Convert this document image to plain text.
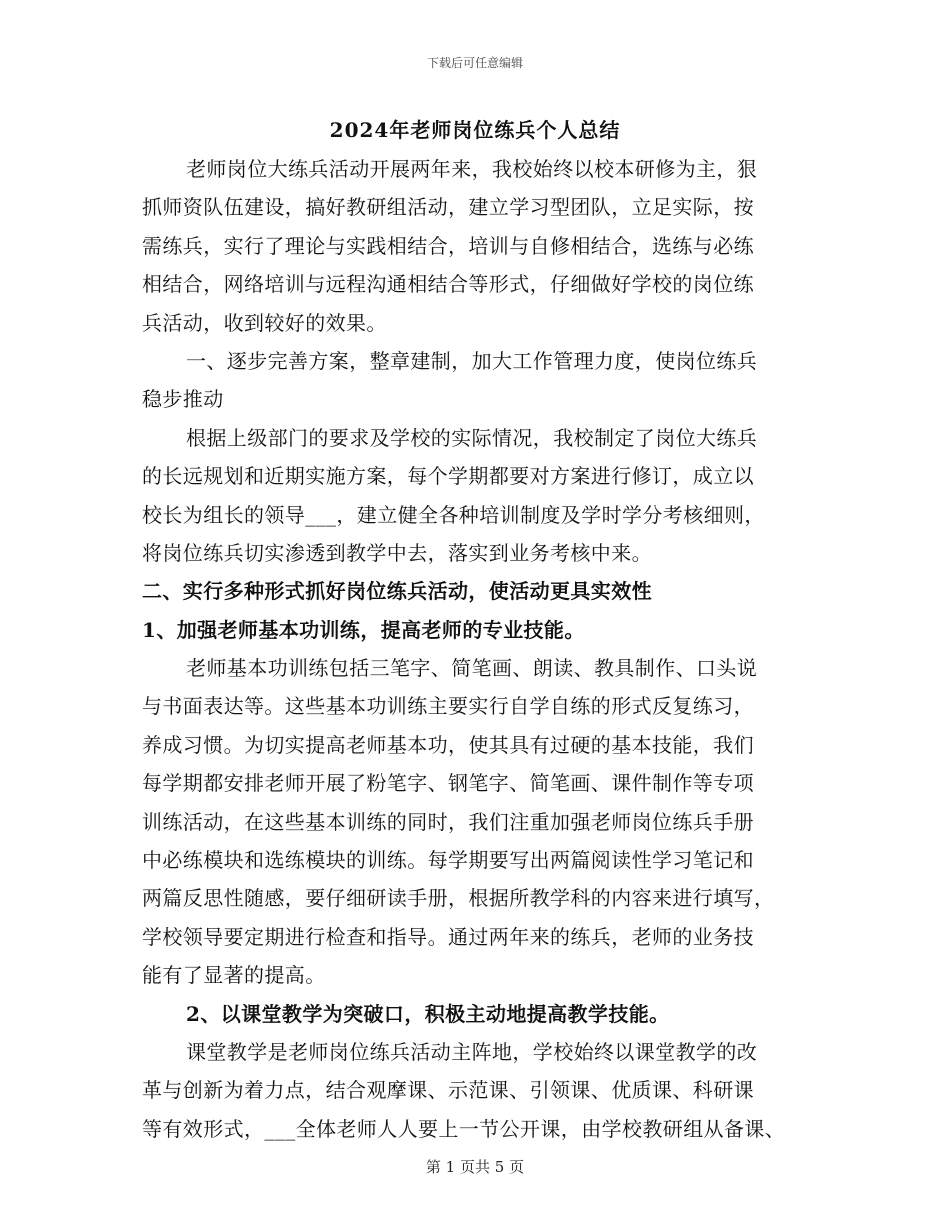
下载后可任意编辑
2024年老师岗位练兵个人总结
老师岗位大练兵活动开展两年来，我校始终以校本研修为主，狠
抓师资队伍建设，搞好教研组活动，建立学习型团队，立足实际，按
需练兵，实行了理论与实践相结合，培训与自修相结合，选练与必练
相结合，网络培训与远程沟通相结合等形式，仔细做好学校的岗位练
兵活动，收到较好的效果。
一、逐步完善方案，整章建制，加大工作管理力度，使岗位练兵
稳步推动
根据上级部门的要求及学校的实际情况，我校制定了岗位大练兵
的长远规划和近期实施方案，每个学期都要对方案进行修订，成立以
校长为组长的领导___，建立健全各种培训制度及学时学分考核细则，
将岗位练兵切实渗透到教学中去，落实到业务考核中来。
二、实行多种形式抓好岗位练兵活动，使活动更具实效性
1、加强老师基本功训练，提高老师的专业技能。
老师基本功训练包括三笔字、简笔画、朗读、教具制作、口头说
与书面表达等。这些基本功训练主要实行自学自练的形式反复练习，
养成习惯。为切实提高老师基本功，使其具有过硬的基本技能，我们
每学期都安排老师开展了粉笔字、钢笔字、简笔画、课件制作等专项
训练活动，在这些基本训练的同时，我们注重加强老师岗位练兵手册
中必练模块和选练模块的训练。每学期要写出两篇阅读性学习笔记和
两篇反思性随感，要仔细研读手册，根据所教学科的内容来进行填写，
学校领导要定期进行检查和指导。通过两年来的练兵，老师的业务技
能有了显著的提高。
2、以课堂教学为突破口，积极主动地提高教学技能。
课堂教学是老师岗位练兵活动主阵地，学校始终以课堂教学的改
革与创新为着力点，结合观摩课、示范课、引领课、优质课、科研课
等有效形式，___全体老师人人要上一节公开课，由学校教研组从备课、
第 1 页共 5 页
